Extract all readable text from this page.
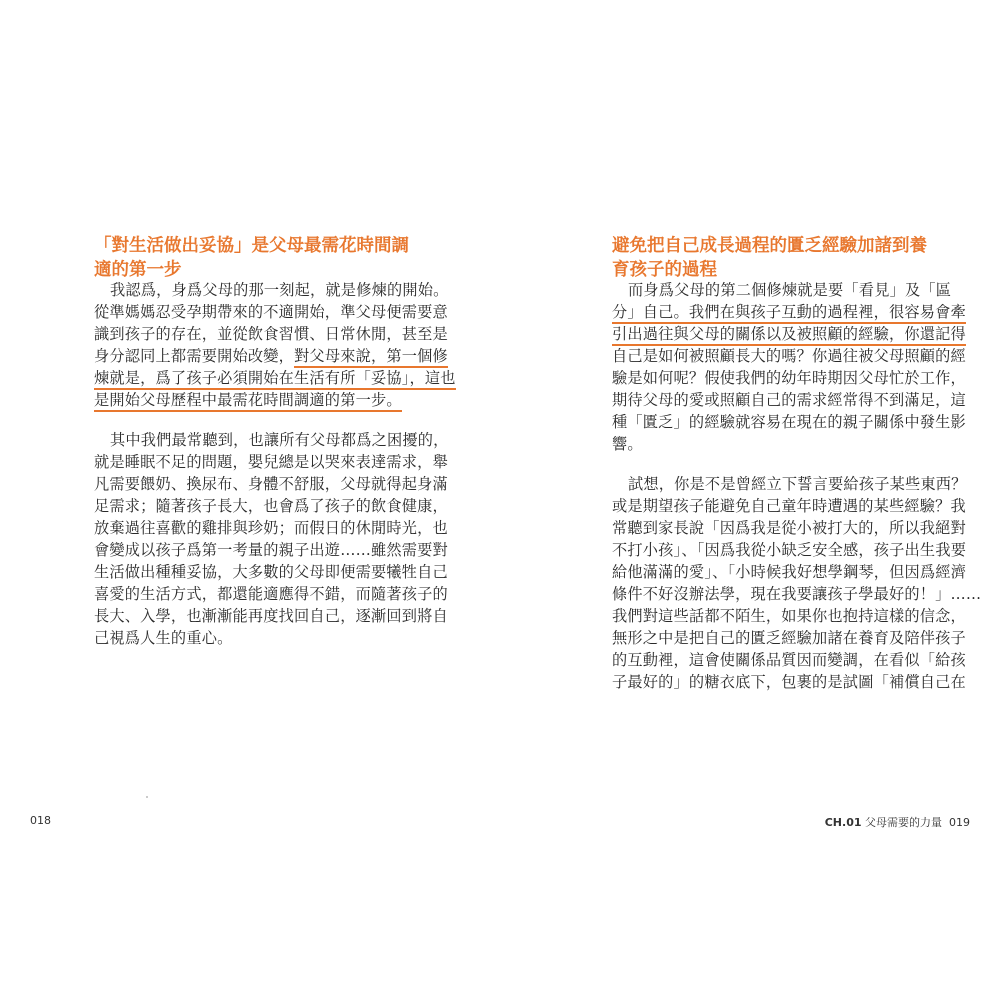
「對生活做出妥協」是父母最需花時間調適的第一步
我認爲，身爲父母的那一刻起，就是修煉的開始。
從準媽媽忍受孕期帶來的不適開始，準父母便需要意
識到孩子的存在，並從飲食習慣、日常休閒，甚至是
身分認同上都需要開始改變，對父母來說，第一個修
煉就是，爲了孩子必須開始在生活有所「妥協」，這也
是開始父母歷程中最需花時間調適的第一步。
其中我們最常聽到，也讓所有父母都爲之困擾的，
就是睡眠不足的問題，嬰兒總是以哭來表達需求，舉
凡需要餵奶、換尿布、身體不舒服，父母就得起身滿
足需求；隨著孩子長大，也會爲了孩子的飲食健康，
放棄過往喜歡的雞排與珍奶；而假日的休閒時光，也
會變成以孩子爲第一考量的親子出遊……雖然需要對
生活做出種種妥協，大多數的父母即便需要犧牲自己
喜愛的生活方式，都還能適應得不錯，而隨著孩子的
長大、入學，也漸漸能再度找回自己，逐漸回到將自
己視爲人生的重心。
018
避免把自己成長過程的匱乏經驗加諸到養育孩子的過程
而身爲父母的第二個修煉就是要「看見」及「區
分」自己。我們在與孩子互動的過程裡，很容易會牽
引出過往與父母的關係以及被照顧的經驗，你還記得
自己是如何被照顧長大的嗎？你過往被父母照顧的經
驗是如何呢？假使我們的幼年時期因父母忙於工作，
期待父母的愛或照顧自己的需求經常得不到滿足，這
種「匱乏」的經驗就容易在現在的親子關係中發生影
響。
試想，你是不是曾經立下誓言要給孩子某些東西？
或是期望孩子能避免自己童年時遭遇的某些經驗？我
常聽到家長說「因爲我是從小被打大的，所以我絕對
不打小孩」、「因爲我從小缺乏安全感，孩子出生我要
給他滿滿的愛」、「小時候我好想學鋼琴，但因爲經濟
條件不好沒辦法學，現在我要讓孩子學最好的！」……
我們對這些話都不陌生，如果你也抱持這樣的信念，
無形之中是把自己的匱乏經驗加諸在養育及陪伴孩子
的互動裡，這會使關係品質因而變調，在看似「給孩
子最好的」的糖衣底下，包裹的是試圖「補償自己在
CH.01 父母需要的力量 019
